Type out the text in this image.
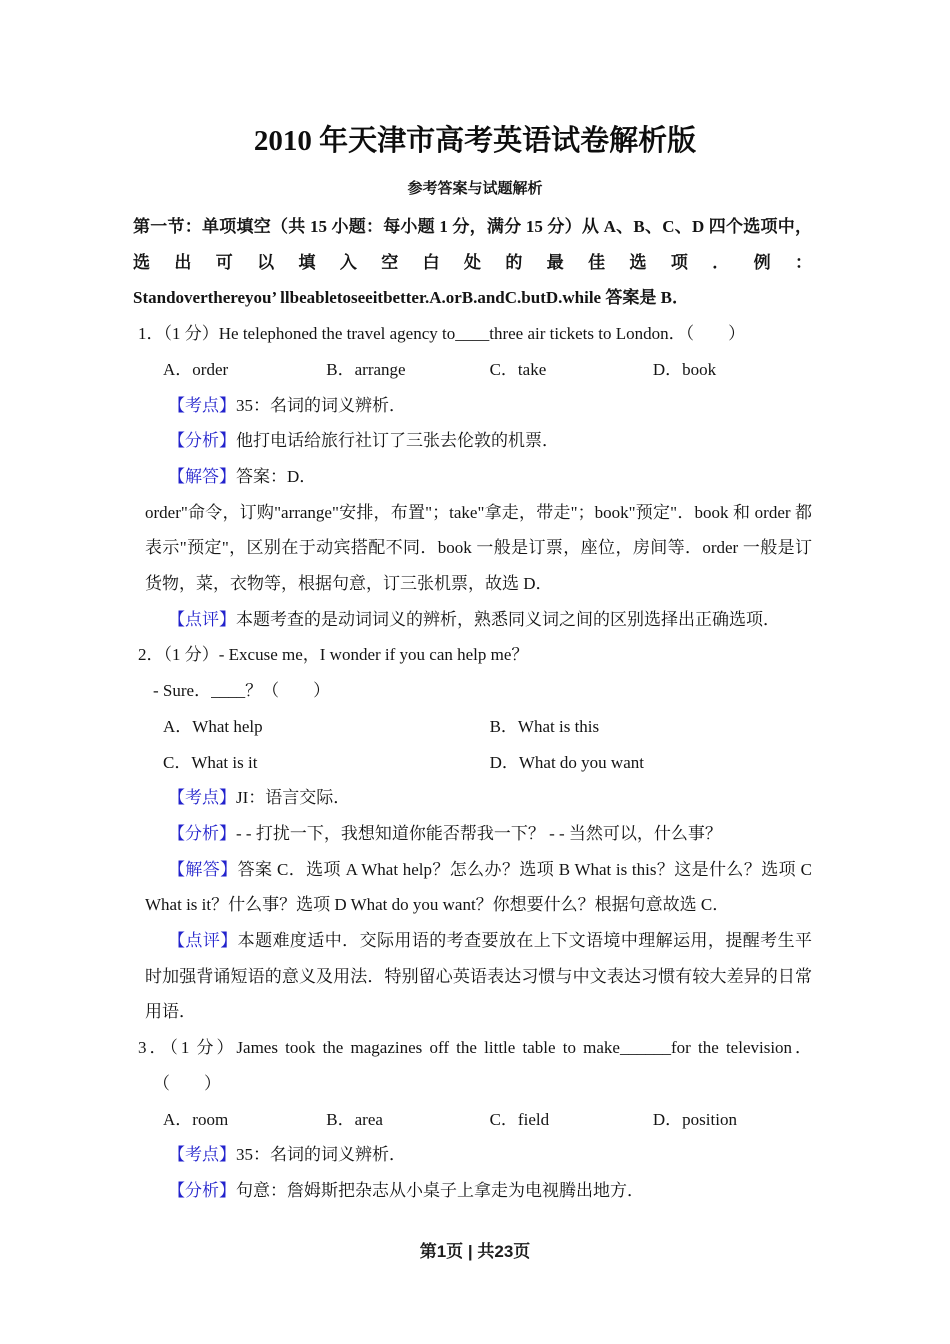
2010 年天津市高考英语试卷解析版
参考答案与试题解析
第一节：单项填空（共 15 小题：每小题 1 分，满分 15 分）从 A、B、C、D 四个选项中，
选出可以填入空白处的最佳选项．例：
Standoverthereyou’ llbeabletoseeitbetter.A.orB.andC.butD.while 答案是 B．
1．（1 分）He telephoned the travel agency to____three air tickets to London．（　　）
A．order	B．arrange	C．take	D．book

【考点】35：名词的词义辨析．

【分析】他打电话给旅行社订了三张去伦敦的机票．

【解答】答案：D．

order"命令，订购"arrange"安排，布置"；take"拿走，带走"；book"预定"．book 和 order 都表示"预定"，区别在于动宾搭配不同．book 一般是订票，座位，房间等．order 一般是订货物，菜，衣物等，根据句意，订三张机票，故选 D．

【点评】本题考查的是动词词义的辨析，熟悉同义词之间的区别选择出正确选项．

2．（1 分）- Excuse me，I wonder if you can help me？
- Sure．____？（　　）
A．What help	B．What is this
C．What is it	D．What do you want

【考点】JI：语言交际．

【分析】- - 打扰一下，我想知道你能否帮我一下？ - - 当然可以，什么事？

【解答】答案 C．选项 A What help？怎么办？选项 B What is this？这是什么？选项 C What is it？什么事？选项 D What do you want？你想要什么？根据句意故选 C．

【点评】本题难度适中．交际用语的考查要放在上下文语境中理解运用，提醒考生平时加强背诵短语的意义及用法．特别留心英语表达习惯与中文表达习惯有较大差异的日常用语．

3．（1 分）James took the magazines off the little table to make______for the television．
（　　）
A．room	B．area	C．field	D．position

【考点】35：名词的词义辨析．

【分析】句意：詹姆斯把杂志从小桌子上拿走为电视腾出地方．

第1页 | 共23页
